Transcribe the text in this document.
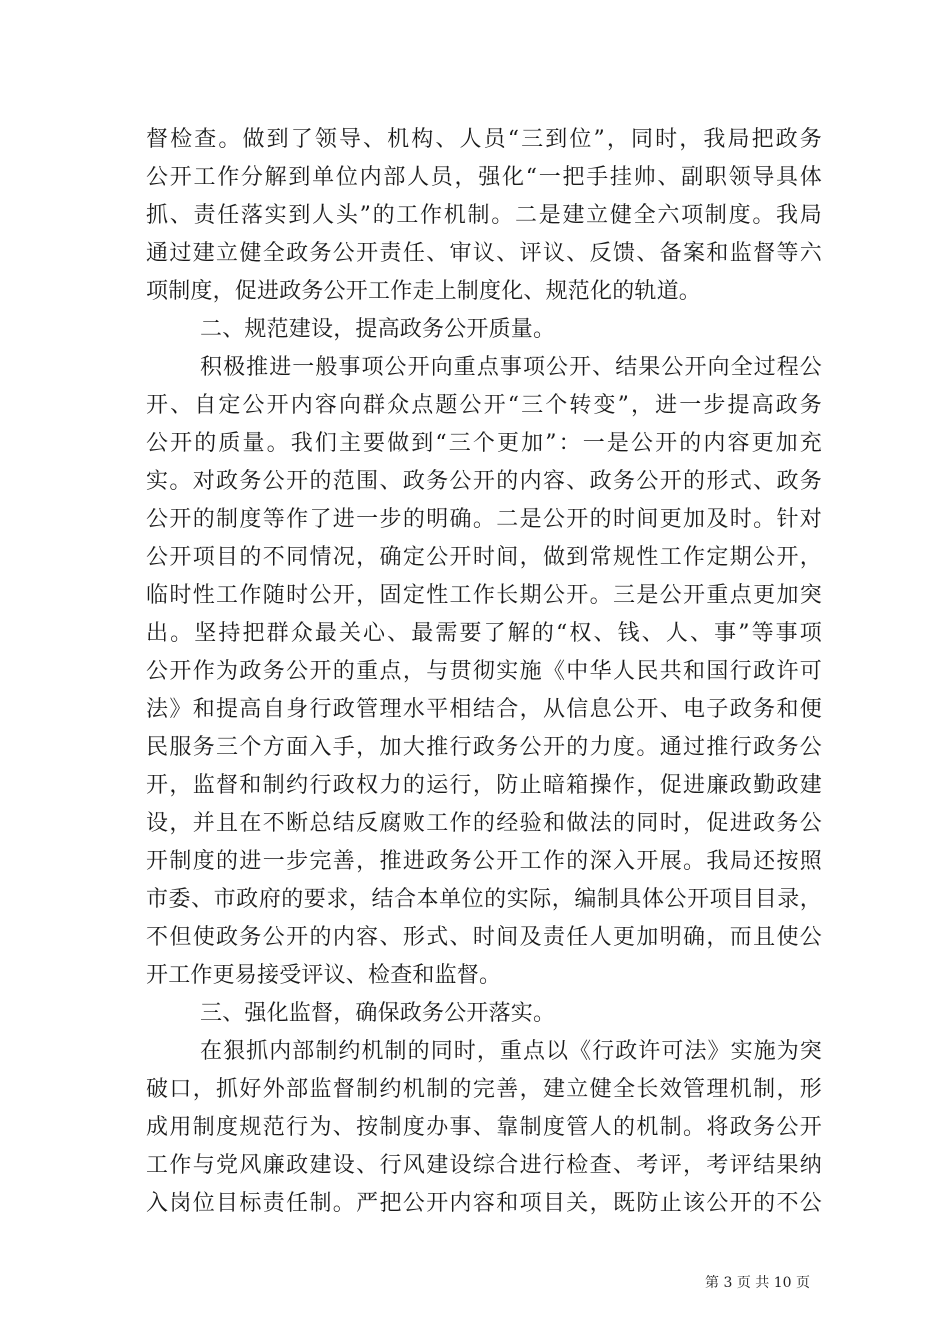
督检查。做到了领导、机构、人员“三到位”，同时，我局把政务
公开工作分解到单位内部人员，强化“一把手挂帅、副职领导具体
抓、责任落实到人头”的工作机制。二是建立健全六项制度。我局
通过建立健全政务公开责任、审议、评议、反馈、备案和监督等六
项制度，促进政务公开工作走上制度化、规范化的轨道。
二、规范建设，提高政务公开质量。
积极推进一般事项公开向重点事项公开、结果公开向全过程公
开、自定公开内容向群众点题公开“三个转变”，进一步提高政务
公开的质量。我们主要做到“三个更加”：一是公开的内容更加充
实。对政务公开的范围、政务公开的内容、政务公开的形式、政务
公开的制度等作了进一步的明确。二是公开的时间更加及时。针对
公开项目的不同情况，确定公开时间，做到常规性工作定期公开，
临时性工作随时公开，固定性工作长期公开。三是公开重点更加突
出。坚持把群众最关心、最需要了解的“权、钱、人、事”等事项
公开作为政务公开的重点，与贯彻实施《中华人民共和国行政许可
法》和提高自身行政管理水平相结合，从信息公开、电子政务和便
民服务三个方面入手，加大推行政务公开的力度。通过推行政务公
开，监督和制约行政权力的运行，防止暗箱操作，促进廉政勤政建
设，并且在不断总结反腐败工作的经验和做法的同时，促进政务公
开制度的进一步完善，推进政务公开工作的深入开展。我局还按照
市委、市政府的要求，结合本单位的实际，编制具体公开项目目录，
不但使政务公开的内容、形式、时间及责任人更加明确，而且使公
开工作更易接受评议、检查和监督。
三、强化监督，确保政务公开落实。
在狠抓内部制约机制的同时，重点以《行政许可法》实施为突
破口，抓好外部监督制约机制的完善，建立健全长效管理机制，形
成用制度规范行为、按制度办事、靠制度管人的机制。将政务公开
工作与党风廉政建设、行风建设综合进行检查、考评，考评结果纳
入岗位目标责任制。严把公开内容和项目关，既防止该公开的不公
第 3 页 共 10 页
